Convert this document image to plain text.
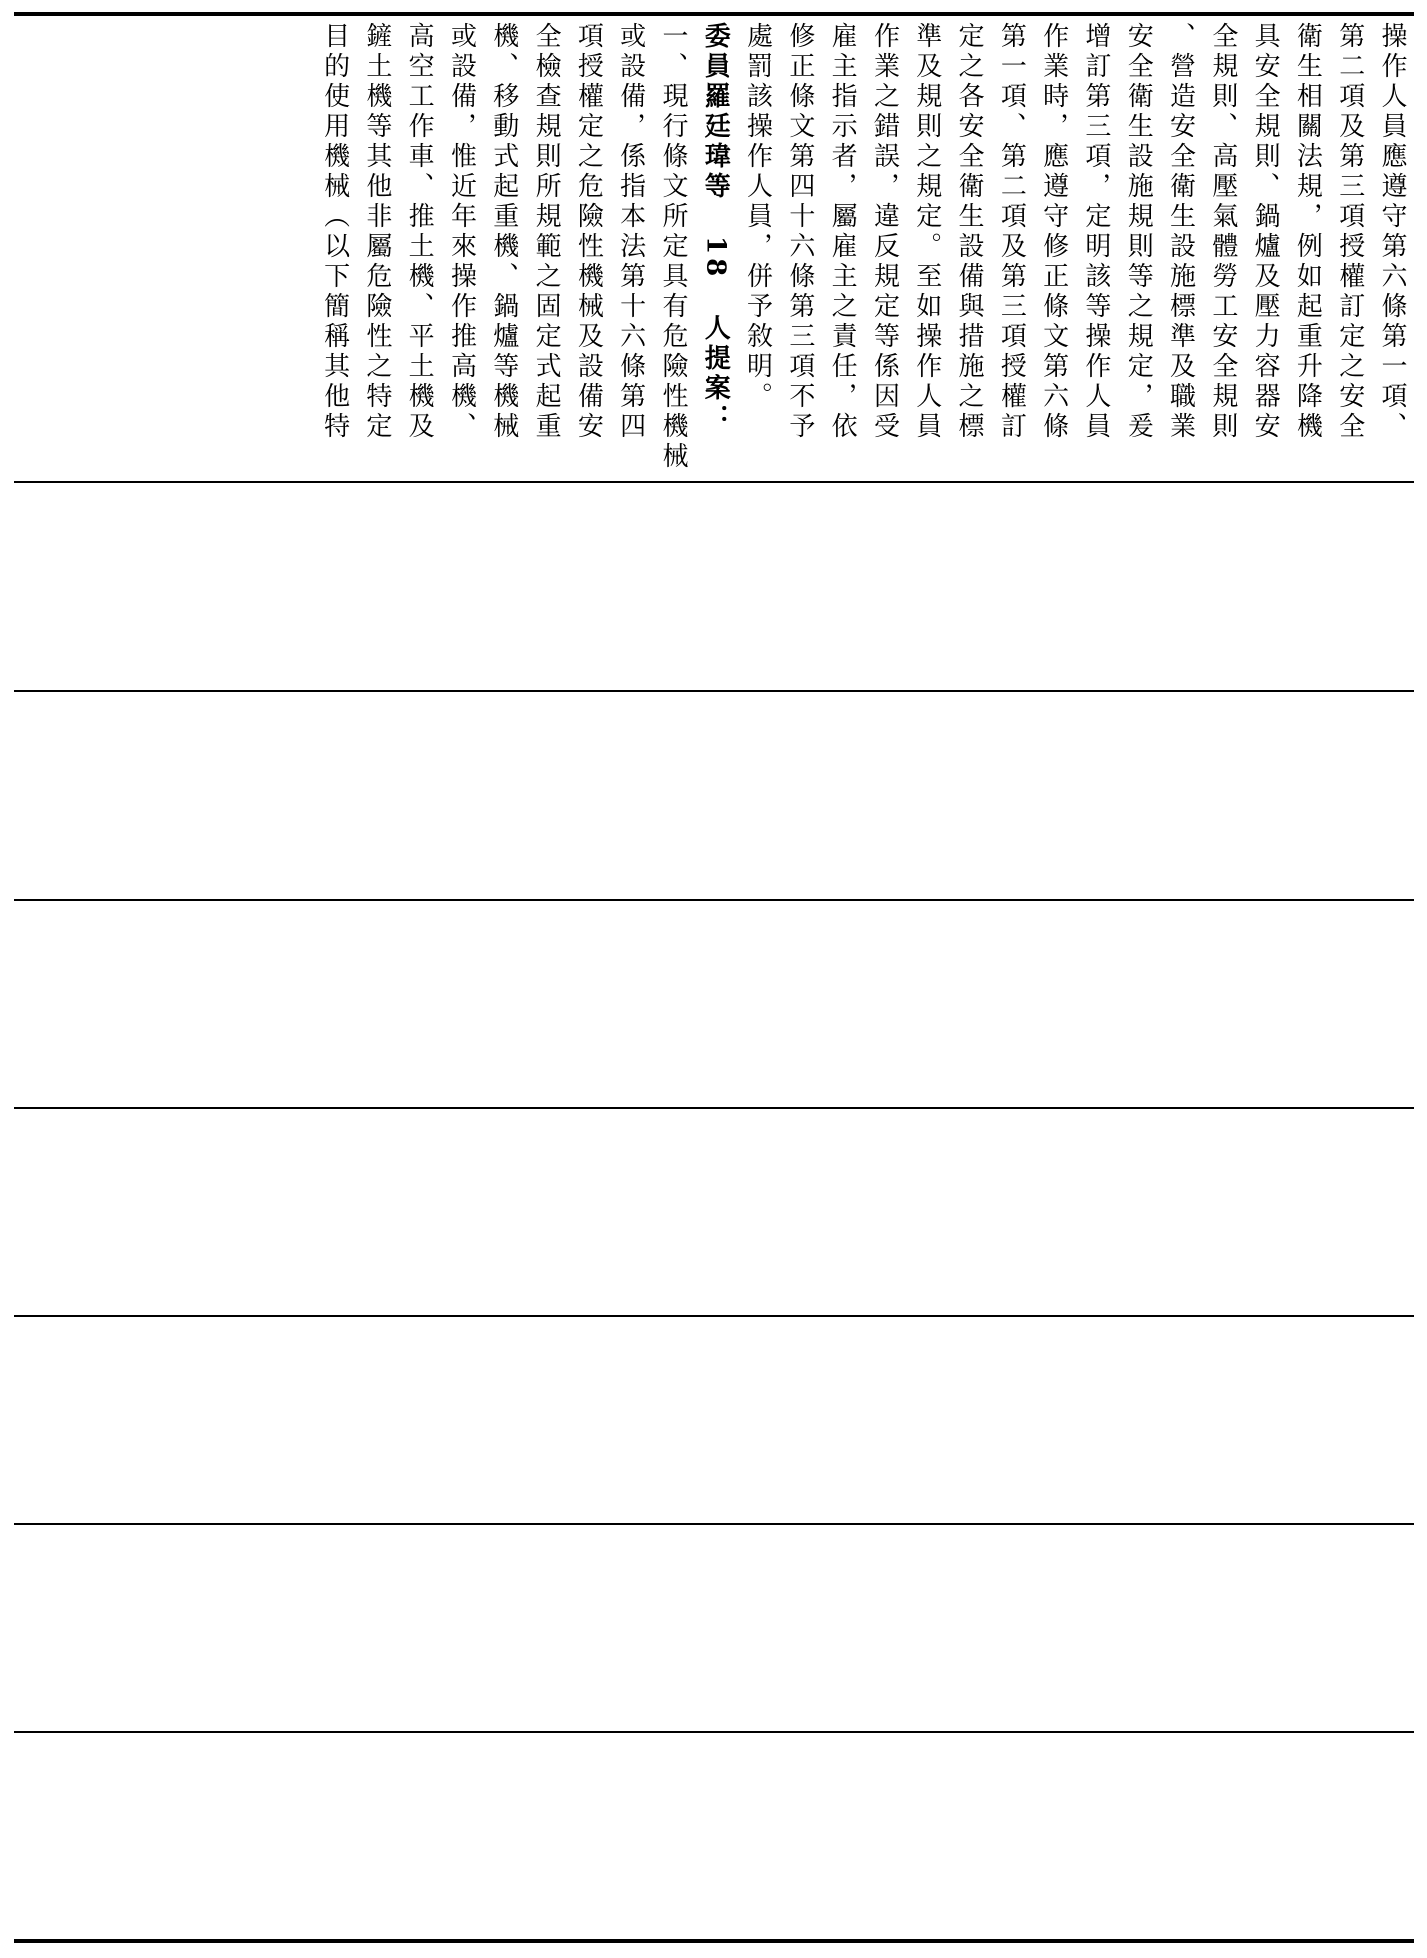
操作人員應遵守第六條第一項、
第二項及第三項授權訂定之安全
衛生相關法規，例如起重升降機
具安全規則、鍋爐及壓力容器安
全規則、高壓氣體勞工安全規則
、營造安全衛生設施標準及職業
安全衛生設施規則等之規定，爰
增訂第三項，定明該等操作人員
作業時，應遵守修正條文第六條
第一項、第二項及第三項授權訂
定之各安全衛生設備與措施之標
準及規則之規定。至如操作人員
作業之錯誤，違反規定等係因受
雇主指示者，屬雇主之責任，依
修正條文第四十六條第三項不予
處罰該操作人員，併予敘明。
委員羅廷瑋等 18 人提案：
一、現行條文所定具有危險性機械
或設備，係指本法第十六條第四
項授權定之危險性機械及設備安
全檢查規則所規範之固定式起重
機、移動式起重機、鍋爐等機械
或設備，惟近年來操作推高機、
高空工作車、推土機、平土機及
鏟土機等其他非屬危險性之特定
目的使用機械（以下簡稱其他特
